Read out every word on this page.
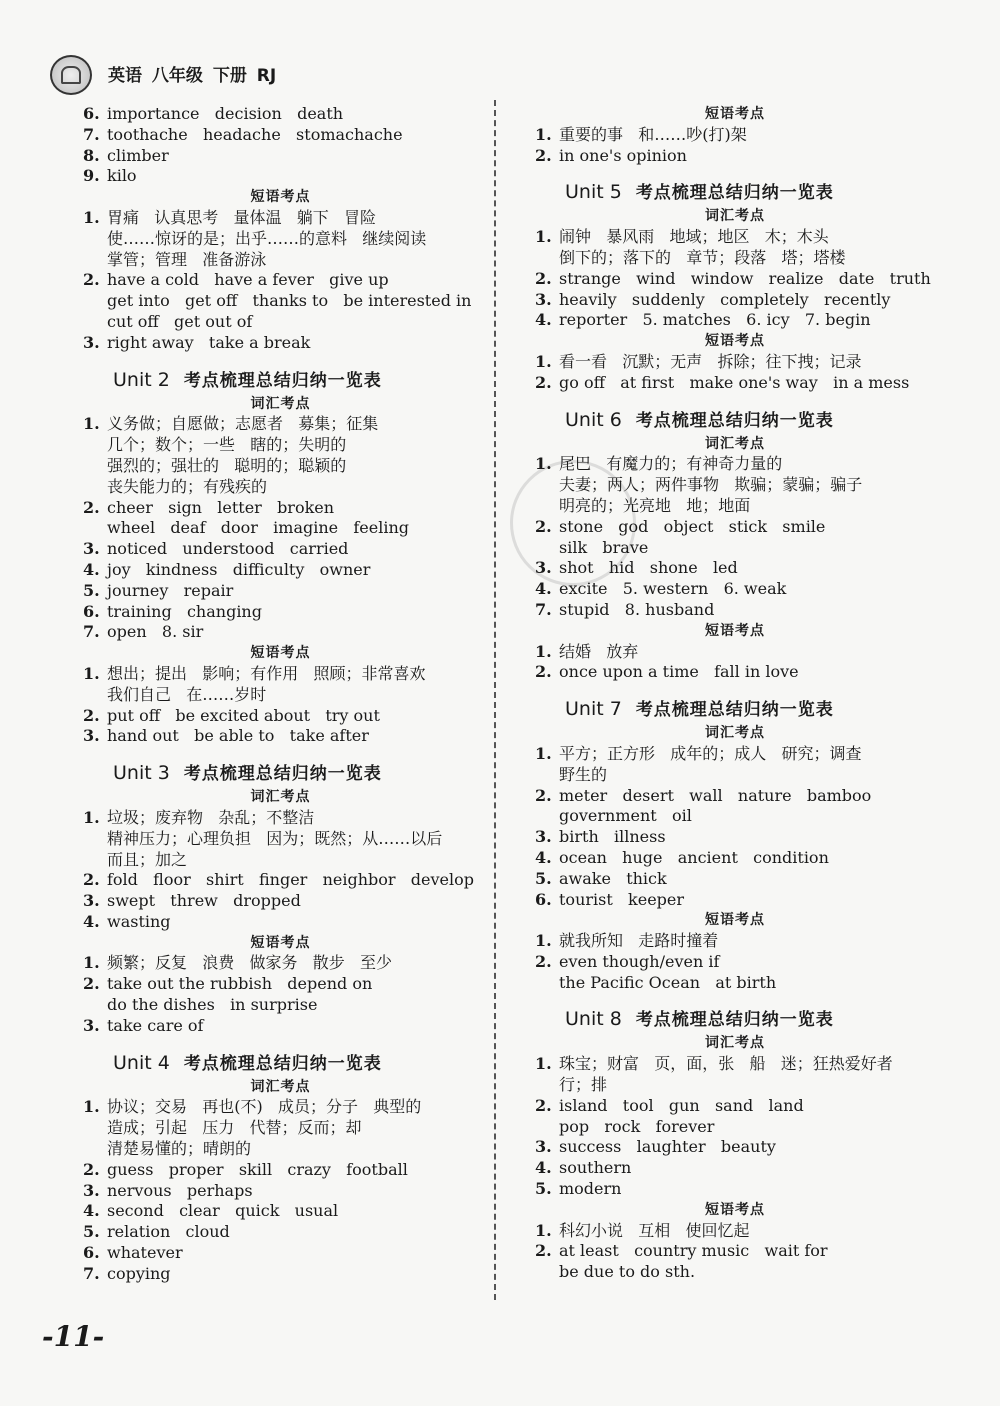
英语 八年级 下册 RJ
6. importance   decision   death
7. toothache   headache   stomachache
8. climber
9. kilo
短语考点
1. 胃痛   认真思考   量体温   躺下   冒险
使……惊讶的是；出乎……的意料   继续阅读
掌管；管理   准备游泳
2. have a cold   have a fever   give up
get into   get off   thanks to   be interested in
cut off   get out of
3. right away   take a break
Unit 2 考点梳理总结归纳一览表
词汇考点
1. 义务做；自愿做；志愿者   募集；征集
几个；数个；一些   瞎的；失明的
强烈的；强壮的   聪明的；聪颖的
丧失能力的；有残疾的
2. cheer   sign   letter   broken
wheel   deaf   door   imagine   feeling
3. noticed   understood   carried
4. joy   kindness   difficulty   owner
5. journey   repair
6. training   changing
7. open   8. sir
短语考点
1. 想出；提出   影响；有作用   照顾；非常喜欢
我们自己   在……岁时
2. put off   be excited about   try out
3. hand out   be able to   take after
Unit 3 考点梳理总结归纳一览表
词汇考点
1. 垃圾；废弃物   杂乱；不整洁
精神压力；心理负担   因为；既然；从……以后
而且；加之
2. fold   floor   shirt   finger   neighbor   develop
3. swept   threw   dropped
4. wasting
短语考点
1. 频繁；反复   浪费   做家务   散步   至少
2. take out the rubbish   depend on
do the dishes   in surprise
3. take care of
Unit 4 考点梳理总结归纳一览表
词汇考点
1. 协议；交易   再也(不)   成员；分子   典型的
造成；引起   压力   代替；反而；却
清楚易懂的；晴朗的
2. guess   proper   skill   crazy   football
3. nervous   perhaps
4. second   clear   quick   usual
5. relation   cloud
6. whatever
7. copying
短语考点
1. 重要的事   和……吵(打)架
2. in one's opinion
Unit 5 考点梳理总结归纳一览表
词汇考点
1. 闹钟   暴风雨   地域；地区   木；木头
倒下的；落下的   章节；段落   塔；塔楼
2. strange   wind   window   realize   date   truth
3. heavily   suddenly   completely   recently
4. reporter   5. matches   6. icy   7. begin
短语考点
1. 看一看   沉默；无声   拆除；往下拽；记录
2. go off   at first   make one's way   in a mess
Unit 6 考点梳理总结归纳一览表
词汇考点
1. 尾巴   有魔力的；有神奇力量的
夫妻；两人；两件事物   欺骗；蒙骗；骗子
明亮的；光亮地   地；地面
2. stone   god   object   stick   smile
silk   brave
3. shot   hid   shone   led
4. excite   5. western   6. weak
7. stupid   8. husband
短语考点
1. 结婚   放弃
2. once upon a time   fall in love
Unit 7 考点梳理总结归纳一览表
词汇考点
1. 平方；正方形   成年的；成人   研究；调查
野生的
2. meter   desert   wall   nature   bamboo
government   oil
3. birth   illness
4. ocean   huge   ancient   condition
5. awake   thick
6. tourist   keeper
短语考点
1. 就我所知   走路时撞着
2. even though/even if
the Pacific Ocean   at birth
Unit 8 考点梳理总结归纳一览表
词汇考点
1. 珠宝；财富   页，面，张   船   迷；狂热爱好者
行；排
2. island   tool   gun   sand   land
pop   rock   forever
3. success   laughter   beauty
4. southern
5. modern
短语考点
1. 科幻小说   互相   使回忆起
2. at least   country music   wait for
be due to do sth.
-11-
